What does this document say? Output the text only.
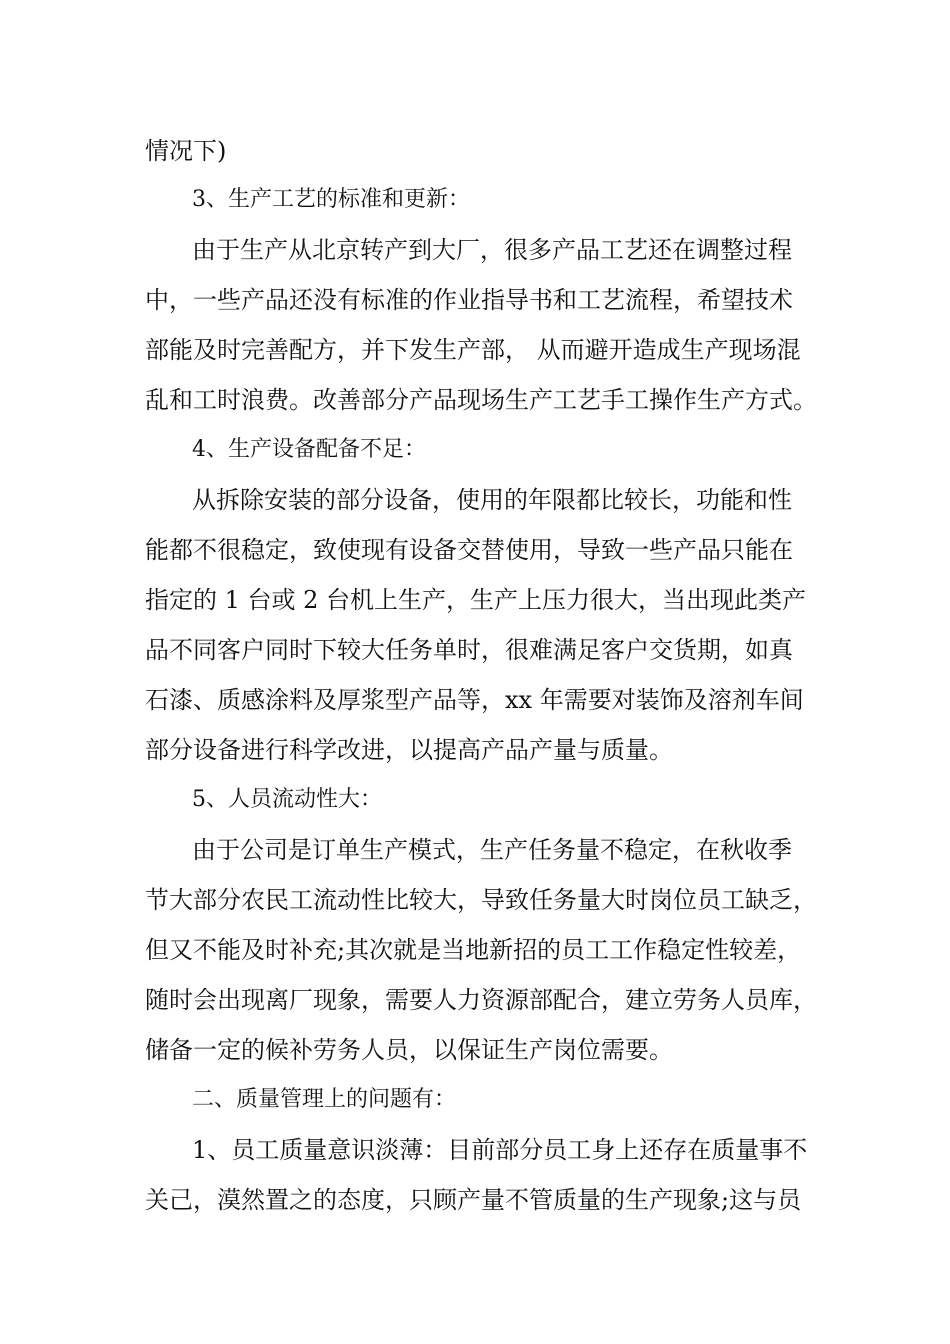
情况下)
3、生产工艺的标准和更新：
由于生产从北京转产到大厂，很多产品工艺还在调整过程
中，一些产品还没有标准的作业指导书和工艺流程，希望技术
部能及时完善配方，并下发生产部， 从而避开造成生产现场混
乱和工时浪费。改善部分产品现场生产工艺手工操作生产方式。
4、生产设备配备不足：
从拆除安装的部分设备，使用的年限都比较长，功能和性
能都不很稳定，致使现有设备交替使用，导致一些产品只能在
指定的 1 台或 2 台机上生产，生产上压力很大，当出现此类产
品不同客户同时下较大任务单时，很难满足客户交货期，如真
石漆、质感涂料及厚浆型产品等，xx 年需要对装饰及溶剂车间
部分设备进行科学改进，以提高产品产量与质量。
5、人员流动性大：
由于公司是订单生产模式，生产任务量不稳定，在秋收季
节大部分农民工流动性比较大，导致任务量大时岗位员工缺乏，
但又不能及时补充;其次就是当地新招的员工工作稳定性较差，
随时会出现离厂现象，需要人力资源部配合，建立劳务人员库，
储备一定的候补劳务人员，以保证生产岗位需要。
二、质量管理上的问题有：
1、员工质量意识淡薄：目前部分员工身上还存在质量事不
关己，漠然置之的态度，只顾产量不管质量的生产现象;这与员
